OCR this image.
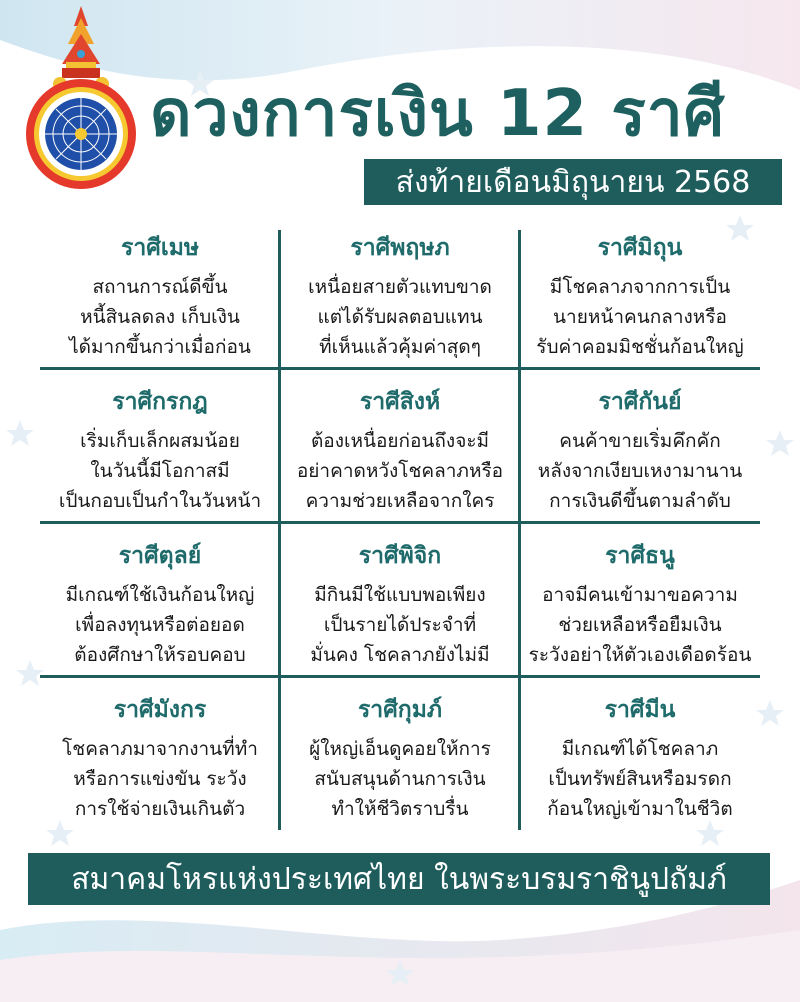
ดวงการเงิน 12 ราศี
ส่งท้ายเดือนมิถุนายน 2568
ราศีเมษ
สถานการณ์ดีขึ้น
หนี้สินลดลง เก็บเงิน
ได้มากขึ้นกว่าเมื่อก่อน
ราศีพฤษภ
เหนื่อยสายตัวแทบขาด
แต่ได้รับผลตอบแทน
ที่เห็นแล้วคุ้มค่าสุดๆ
ราศีมิถุน
มีโชคลาภจากการเป็น
นายหน้าคนกลางหรือ
รับค่าคอมมิชชั่นก้อนใหญ่
ราศีกรกฎ
เริ่มเก็บเล็กผสมน้อย
ในวันนี้มีโอกาสมี
เป็นกอบเป็นกำในวันหน้า
ราศีสิงห์
ต้องเหนื่อยก่อนถึงจะมี
อย่าคาดหวังโชคลาภหรือ
ความช่วยเหลือจากใคร
ราศีกันย์
คนค้าขายเริ่มคึกคัก
หลังจากเงียบเหงามานาน
การเงินดีขึ้นตามลำดับ
ราศีตุลย์
มีเกณฑ์ใช้เงินก้อนใหญ่
เพื่อลงทุนหรือต่อยอด
ต้องศึกษาให้รอบคอบ
ราศีพิจิก
มีกินมีใช้แบบพอเพียง
เป็นรายได้ประจำที่
มั่นคง โชคลาภยังไม่มี
ราศีธนู
อาจมีคนเข้ามาขอความ
ช่วยเหลือหรือยืมเงิน
ระวังอย่าให้ตัวเองเดือดร้อน
ราศีมังกร
โชคลาภมาจากงานที่ทำ
หรือการแข่งขัน ระวัง
การใช้จ่ายเงินเกินตัว
ราศีกุมภ์
ผู้ใหญ่เอ็นดูคอยให้การ
สนับสนุนด้านการเงิน
ทำให้ชีวิตราบรื่น
ราศีมีน
มีเกณฑ์ได้โชคลาภ
เป็นทรัพย์สินหรือมรดก
ก้อนใหญ่เข้ามาในชีวิต
สมาคมโหรแห่งประเทศไทย ในพระบรมราชินูปถัมภ์
